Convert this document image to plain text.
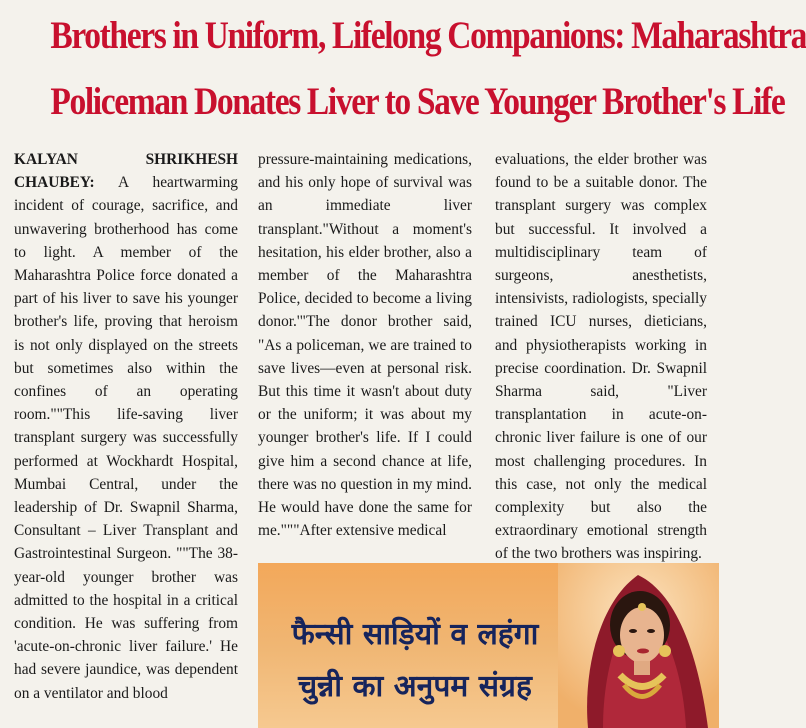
Brothers in Uniform, Lifelong Companions: Maharashtra
Policeman Donates Liver to Save Younger Brother's Life

KALYAN SHRIKHESH CHAUBEY: A heartwarming incident of courage, sacrifice, and unwavering brotherhood has come to light. A member of the Maharashtra Police force donated a part of his liver to save his younger brother's life, proving that heroism is not only displayed on the streets but sometimes also within the confines of an operating room.""This life-saving liver transplant surgery was successfully performed at Wockhardt Hospital, Mumbai Central, under the leadership of Dr. Swapnil Sharma, Consultant – Liver Transplant and Gastrointestinal Surgeon. ""The 38-year-old younger brother was admitted to the hospital in a critical condition. He was suffering from 'acute-on-chronic liver failure.' He had severe jaundice, was dependent on a ventilator and blood

pressure-maintaining medications, and his only hope of survival was an immediate liver transplant."Without a moment's hesitation, his elder brother, also a member of the Maharashtra Police, decided to become a living donor.'"The donor brother said, "As a policeman, we are trained to save lives—even at personal risk. But this time it wasn't about duty or the uniform; it was about my younger brother's life. If I could give him a second chance at life, there was no question in my mind. He would have done the same for me."""After extensive medical

evaluations, the elder brother was found to be a suitable donor. The transplant surgery was complex but successful. It involved a multidisciplinary team of surgeons, anesthetists, intensivists, radiologists, specially trained ICU nurses, dieticians, and physiotherapists working in precise coordination. Dr. Swapnil Sharma said, "Liver transplantation in acute-on-chronic liver failure is one of our most challenging procedures. In this case, not only the medical complexity but also the extraordinary emotional strength of the two brothers was inspiring.

फैन्सी साड़ियों व लहंगा
चुन्नी का अनुपम संग्रह
